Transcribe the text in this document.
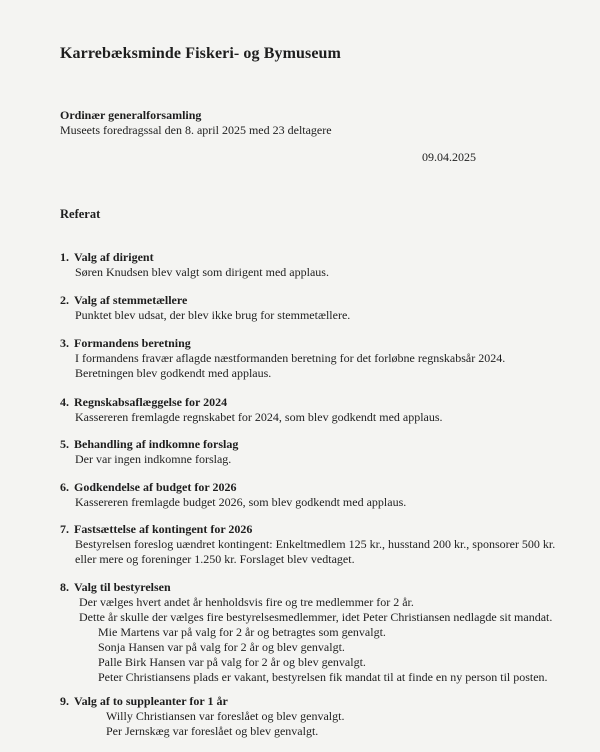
Karrebæksminde Fiskeri- og Bymuseum
Ordinær generalforsamling
Museets foredragssal den 8. april 2025 med 23 deltagere
09.04.2025
Referat
1. Valg af dirigent
Søren Knudsen blev valgt som dirigent med applaus.
2. Valg af stemmetællere
Punktet blev udsat, der blev ikke brug for stemmetællere.
3. Formandens beretning
I formandens fravær aflagde næstformanden beretning for det forløbne regnskabsår 2024.
Beretningen blev godkendt med applaus.
4. Regnskabsaflæggelse for 2024
Kassereren fremlagde regnskabet for 2024, som blev godkendt med applaus.
5. Behandling af indkomne forslag
Der var ingen indkomne forslag.
6. Godkendelse af budget for 2026
Kassereren fremlagde budget 2026, som blev godkendt med applaus.
7. Fastsættelse af kontingent for 2026
Bestyrelsen foreslog uændret kontingent: Enkeltmedlem 125 kr., husstand 200 kr., sponsorer 500 kr.
eller mere og foreninger 1.250 kr. Forslaget blev vedtaget.
8. Valg til bestyrelsen
Der vælges hvert andet år henholdsvis fire og tre medlemmer for 2 år.
Dette år skulle der vælges fire bestyrelsesmedlemmer, idet Peter Christiansen nedlagde sit mandat.
Mie Martens var på valg for 2 år og betragtes som genvalgt.
Sonja Hansen var på valg for 2 år og blev genvalgt.
Palle Birk Hansen var på valg for 2 år og blev genvalgt.
Peter Christiansens plads er vakant, bestyrelsen fik mandat til at finde en ny person til posten.
9. Valg af to suppleanter for 1 år
Willy Christiansen var foreslået og blev genvalgt.
Per Jernskæg var foreslået og blev genvalgt.
